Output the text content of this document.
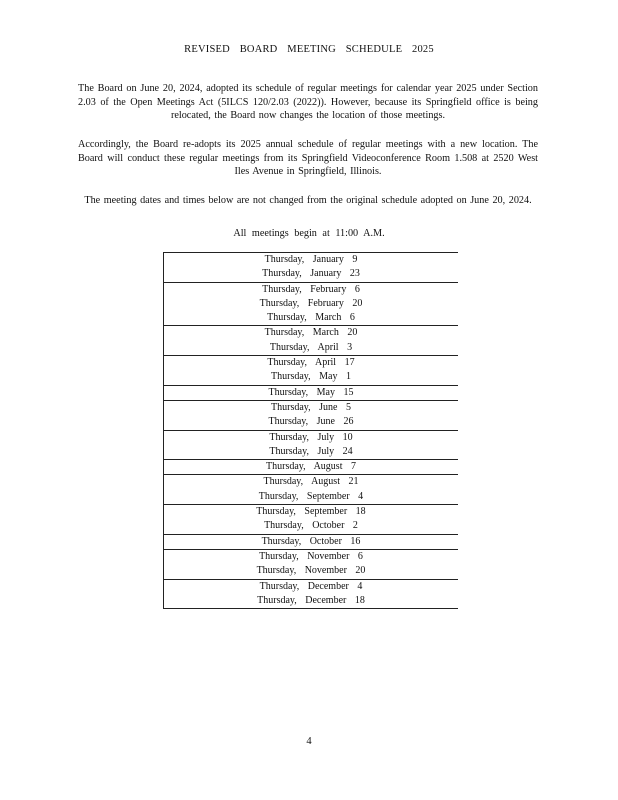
REVISED BOARD MEETING SCHEDULE 2025

The Board on June 20, 2024, adopted its schedule of regular meetings for calendar year 2025 under Section 2.03 of the Open Meetings Act (5ILCS 120/2.03 (2022)). However, because its Springfield office is being relocated, the Board now changes the location of those meetings.

Accordingly, the Board re-adopts its 2025 annual schedule of regular meetings with a new location. The Board will conduct these regular meetings from its Springfield Videoconference Room 1.508 at 2520 West Iles Avenue in Springfield, Illinois.

The meeting dates and times below are not changed from the original schedule adopted on June 20, 2024.

All meetings begin at 11:00 A.M.
Thursday, January 9
Thursday, January 23

Thursday, February 6
Thursday, February 20
Thursday, March 6

Thursday, March 20
Thursday, April 3

Thursday, April 17
Thursday, May 1

Thursday, May 15

Thursday, June 5
Thursday, June 26

Thursday, July 10
Thursday, July 24

Thursday, August 7

Thursday, August 21
Thursday, September 4

Thursday, September 18
Thursday, October 2

Thursday, October 16

Thursday, November 6
Thursday, November 20

Thursday, December 4
Thursday, December 18
4
